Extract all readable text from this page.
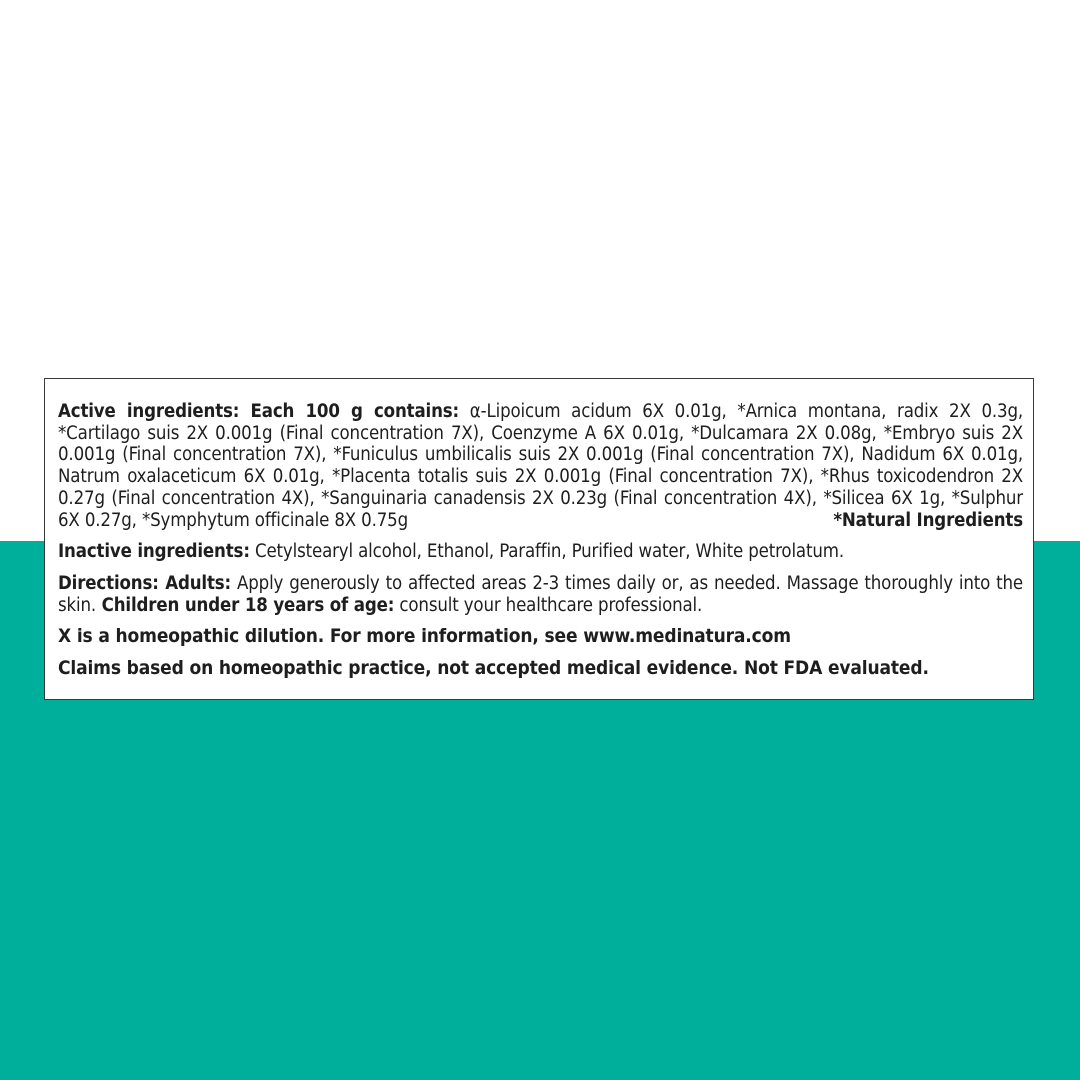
Active ingredients: Each 100 g contains: α-Lipoicum acidum 6X 0.01g, *Arnica montana, radix 2X 0.3g, *Cartilago suis 2X 0.001g (Final concentration 7X), Coenzyme A 6X 0.01g, *Dulcamara 2X 0.08g, *Embryo suis 2X 0.001g (Final concentration 7X), *Funiculus umbilicalis suis 2X 0.001g (Final concentration 7X), Nadidum 6X 0.01g, Natrum oxalaceticum 6X 0.01g, *Placenta totalis suis 2X 0.001g (Final concentration 7X), *Rhus toxicodendron 2X 0.27g (Final concentration 4X), *Sanguinaria canadensis 2X 0.23g (Final concentration 4X), *Silicea 6X 1g, *Sulphur 6X 0.27g, *Symphytum officinale 8X 0.75g	*Natural Ingredients

Inactive ingredients: Cetylstearyl alcohol, Ethanol, Paraffin, Purified water, White petrolatum.

Directions: Adults: Apply generously to affected areas 2-3 times daily or, as needed. Massage thoroughly into the skin. Children under 18 years of age: consult your healthcare professional.

X is a homeopathic dilution. For more information, see www.medinatura.com

Claims based on homeopathic practice, not accepted medical evidence. Not FDA evaluated.
